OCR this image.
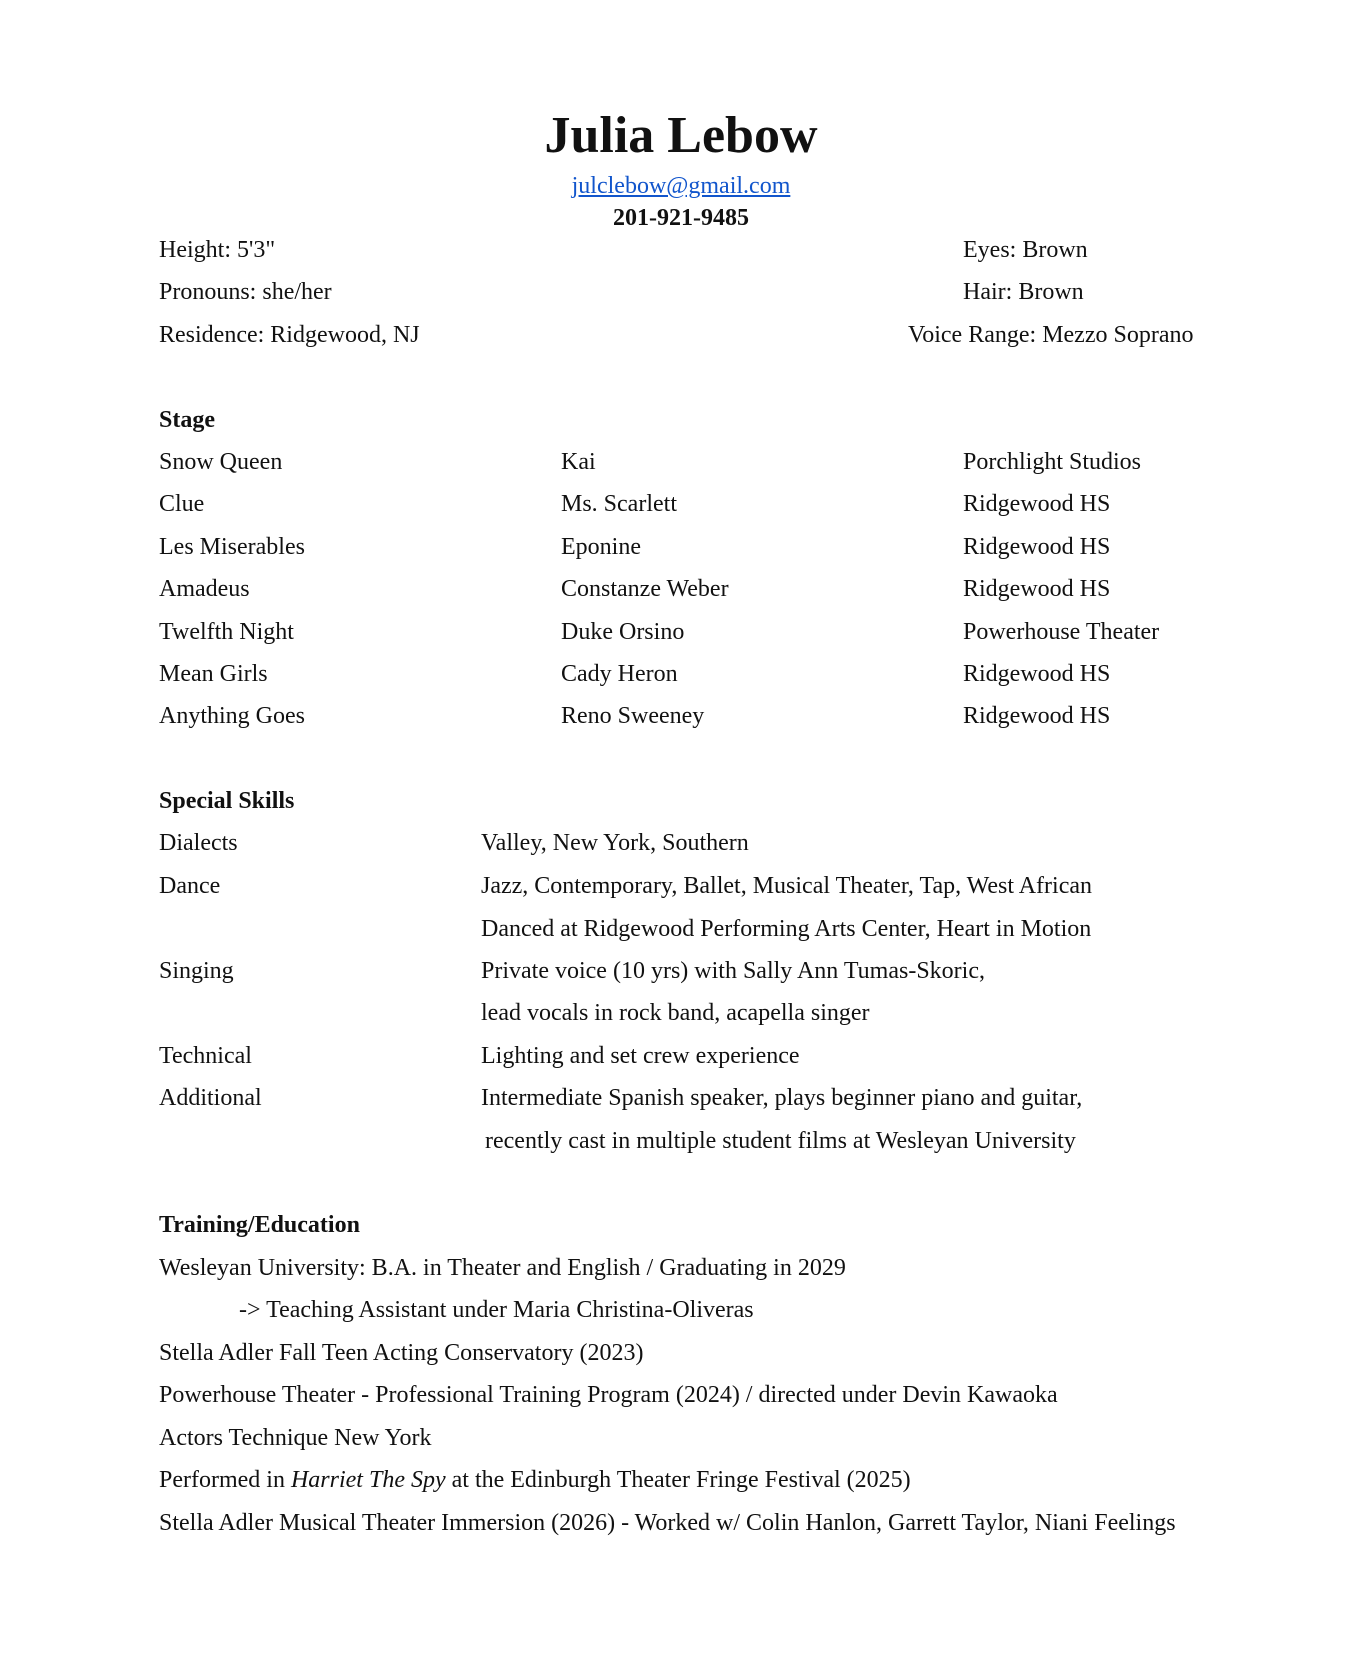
Julia Lebow
julclebow@gmail.com
201-921-9485
Height: 5'3"
Pronouns: she/her
Residence: Ridgewood, NJ
Eyes: Brown
Hair: Brown
Voice Range: Mezzo Soprano
Stage
Snow Queen	Kai	Porchlight Studios
Clue	Ms. Scarlett	Ridgewood HS
Les Miserables	Eponine	Ridgewood HS
Amadeus	Constanze Weber	Ridgewood HS
Twelfth Night	Duke Orsino	Powerhouse Theater
Mean Girls	Cady Heron	Ridgewood HS
Anything Goes	Reno Sweeney	Ridgewood HS
Special Skills
Dialects	Valley, New York, Southern
Dance	Jazz, Contemporary, Ballet, Musical Theater, Tap, West African
Danced at Ridgewood Performing Arts Center, Heart in Motion
Singing	Private voice (10 yrs) with Sally Ann Tumas-Skoric,
lead vocals in rock band, acapella singer
Technical	Lighting and set crew experience
Additional	Intermediate Spanish speaker, plays beginner piano and guitar,
recently cast in multiple student films at Wesleyan University
Training/Education
Wesleyan University: B.A. in Theater and English / Graduating in 2029
-> Teaching Assistant under Maria Christina-Oliveras
Stella Adler Fall Teen Acting Conservatory (2023)
Powerhouse Theater - Professional Training Program (2024) / directed under Devin Kawaoka
Actors Technique New York
Performed in Harriet The Spy at the Edinburgh Theater Fringe Festival (2025)
Stella Adler Musical Theater Immersion (2026) - Worked w/ Colin Hanlon, Garrett Taylor, Niani Feelings
